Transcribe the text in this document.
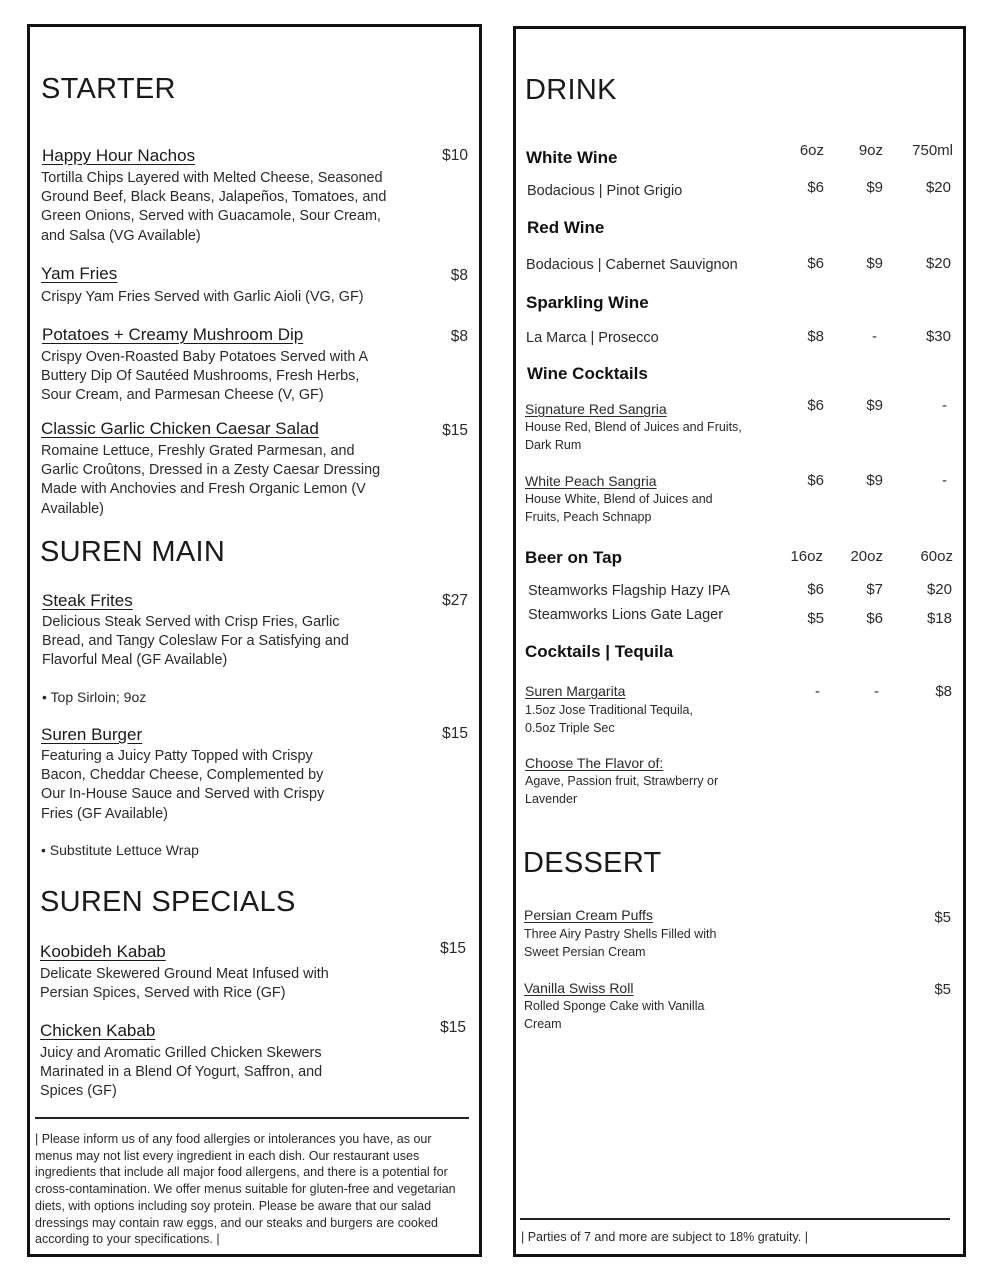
STARTER
Happy Hour Nachos	$10
Tortilla Chips Layered with Melted Cheese, Seasoned Ground Beef, Black Beans, Jalapeños, Tomatoes, and Green Onions, Served with Guacamole, Sour Cream, and Salsa (VG Available)
Yam Fries	$8
Crispy Yam Fries Served with Garlic Aioli (VG, GF)
Potatoes + Creamy Mushroom Dip	$8
Crispy Oven-Roasted Baby Potatoes Served with A Buttery Dip Of Sautéed Mushrooms, Fresh Herbs, Sour Cream, and Parmesan Cheese (V, GF)
Classic Garlic Chicken Caesar Salad	$15
Romaine Lettuce, Freshly Grated Parmesan, and Garlic Croûtons, Dressed in a Zesty Caesar Dressing Made with Anchovies and Fresh Organic Lemon (V Available)
SUREN MAIN
Steak Frites	$27
Delicious Steak Served with Crisp Fries, Garlic Bread, and Tangy Coleslaw For a Satisfying and Flavorful Meal (GF Available)
• Top Sirloin; 9oz
Suren Burger	$15
Featuring a Juicy Patty Topped with Crispy Bacon, Cheddar Cheese, Complemented by Our In-House Sauce and Served with Crispy Fries (GF Available)
• Substitute Lettuce Wrap
SUREN SPECIALS
Koobideh Kabab	$15
Delicate Skewered Ground Meat Infused with Persian Spices, Served with Rice (GF)
Chicken Kabab	$15
Juicy and Aromatic Grilled Chicken Skewers Marinated in a Blend Of Yogurt, Saffron, and Spices (GF)
| Please inform us of any food allergies or intolerances you have, as our menus may not list every ingredient in each dish. Our restaurant uses ingredients that include all major food allergens, and there is a potential for cross-contamination. We offer menus suitable for gluten-free and vegetarian diets, with options including soy protein. Please be aware that our salad dressings may contain raw eggs, and our steaks and burgers are cooked according to your specifications. |
DRINK
White Wine	6oz	9oz	750ml
Bodacious | Pinot Grigio	$6	$9	$20
Red Wine
Bodacious | Cabernet Sauvignon	$6	$9	$20
Sparkling Wine
La Marca | Prosecco	$8	-	$30
Wine Cocktails
Signature Red Sangria
House Red, Blend of Juices and Fruits, Dark Rum
$6	$9	-
White Peach Sangria
House White, Blend of Juices and Fruits, Peach Schnapp
$6	$9	-
Beer on Tap	16oz	20oz	60oz
Steamworks Flagship Hazy IPA	$6	$7	$20
Steamworks Lions Gate Lager	$5	$6	$18
Cocktails | Tequila
Suren Margarita
1.5oz Jose Traditional Tequila, 0.5oz Triple Sec
-	-	$8
Choose The Flavor of:
Agave, Passion fruit, Strawberry or Lavender
DESSERT
Persian Cream Puffs
Three Airy Pastry Shells Filled with Sweet Persian Cream
$5
Vanilla Swiss Roll
Rolled Sponge Cake with Vanilla Cream
$5
| Parties of 7 and more are subject to 18% gratuity. |
